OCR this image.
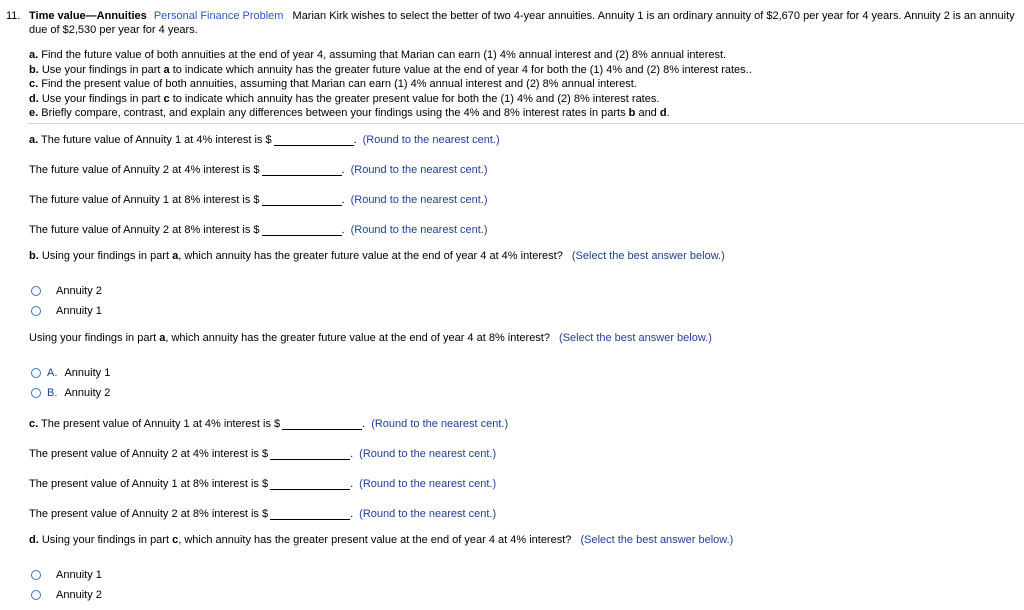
11. Time value—Annuities Personal Finance Problem Marian Kirk wishes to select the better of two 4-year annuities. Annuity 1 is an ordinary annuity of $2,670 per year for 4 years. Annuity 2 is an annuity due of $2,530 per year for 4 years.
a. Find the future value of both annuities at the end of year 4, assuming that Marian can earn (1) 4% annual interest and (2) 8% annual interest.
b. Use your findings in part a to indicate which annuity has the greater future value at the end of year 4 for both the (1) 4% and (2) 8% interest rates..
c. Find the present value of both annuities, assuming that Marian can earn (1) 4% annual interest and (2) 8% annual interest.
d. Use your findings in part c to indicate which annuity has the greater present value for both the (1) 4% and (2) 8% interest rates.
e. Briefly compare, contrast, and explain any differences between your findings using the 4% and 8% interest rates in parts b and d.
a. The future value of Annuity 1 at 4% interest is $	. (Round to the nearest cent.)
The future value of Annuity 2 at 4% interest is $	. (Round to the nearest cent.)
The future value of Annuity 1 at 8% interest is $	. (Round to the nearest cent.)
The future value of Annuity 2 at 8% interest is $	. (Round to the nearest cent.)
b. Using your findings in part a, which annuity has the greater future value at the end of year 4 at 4% interest? (Select the best answer below.)
Annuity 2
Annuity 1
Using your findings in part a, which annuity has the greater future value at the end of year 4 at 8% interest? (Select the best answer below.)
A. Annuity 1
B. Annuity 2
c. The present value of Annuity 1 at 4% interest is $	. (Round to the nearest cent.)
The present value of Annuity 2 at 4% interest is $	. (Round to the nearest cent.)
The present value of Annuity 1 at 8% interest is $	. (Round to the nearest cent.)
The present value of Annuity 2 at 8% interest is $	. (Round to the nearest cent.)
d. Using your findings in part c, which annuity has the greater present value at the end of year 4 at 4% interest? (Select the best answer below.)
Annuity 1
Annuity 2
